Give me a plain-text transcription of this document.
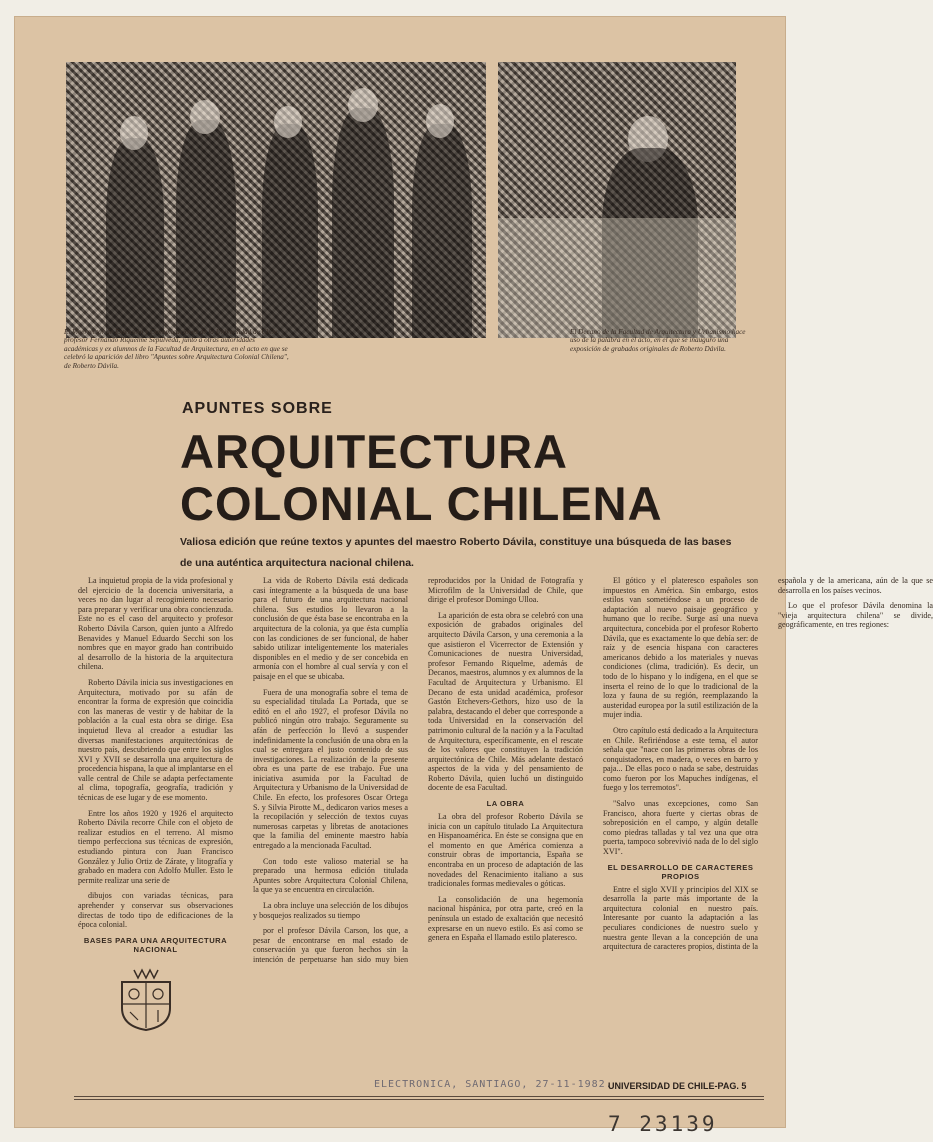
El Vicerrector de Extensión y Comunicaciones de la Universidad de Chile, profesor Fernando Riquelme Sepúlveda, junto a otras autoridades académicas y ex alumnos de la Facultad de Arquitectura, en el acto en que se celebró la aparición del libro "Apuntes sobre Arquitectura Colonial Chilena", de Roberto Dávila.

El Decano de la Facultad de Arquitectura y Urbanismo hace uso de la palabra en el acto, en el que se inauguró una exposición de grabados originales de Roberto Dávila.

APUNTES SOBRE
ARQUITECTURA
COLONIAL CHILENA

Valiosa edición que reúne textos y apuntes del maestro Roberto Dávila, constituye una búsqueda de las bases de una auténtica arquitectura nacional chilena.

La inquietud propia de la vida profesional y del ejercicio de la docencia universitaria, a veces no dan lugar al recogimiento necesario para preparar y verificar una obra concienzuda. Este no es el caso del arquitecto y profesor Roberto Dávila Carson, quien junto a Alfredo Benavides y Manuel Eduardo Secchi son los nombres que en mayor grado han contribuido al desarrollo de la historia de la arquitectura chilena.

Roberto Dávila inicia sus investigaciones en Arquitectura, motivado por su afán de encontrar la forma de expresión que coincidía con las maneras de vestir y de habitar de la población a la cual esta obra se dirige. Esa inquietud lleva al creador a estudiar las diversas manifestaciones arquitectónicas de nuestro país, descubriendo que entre los siglos XVI y XVII se desarrolla una arquitectura de procedencia hispana, la que al implantarse en el valle central de Chile se adapta perfectamente al clima, topografía, geografía, tradición y técnicas de ese lugar y de ese momento.

Entre los años 1920 y 1926 el arquitecto Roberto Dávila recorre Chile con el objeto de realizar estudios en el terreno. Al mismo tiempo perfecciona sus técnicas de expresión, estudiando pintura con Juan Francisco González y Julio Ortiz de Zárate, y litografía y grabado en madera con Adolfo Muller. Esto le permite realizar una serie de

dibujos con variadas técnicas, para aprehender y conservar sus observaciones directas de todo tipo de edificaciones de la época colonial.

BASES PARA UNA ARQUITECTURA NACIONAL

La vida de Roberto Dávila está dedicada casi íntegramente a la búsqueda de una base para el futuro de una arquitectura nacional chilena. Sus estudios lo llevaron a la conclusión de que ésta base se encontraba en la arquitectura de la colonia, ya que ésta cumplía con las condiciones de ser funcional, de haber sabido utilizar inteligentemente los materiales disponibles en el medio y de ser concebida en armonía con el hombre al cual servía y con el paisaje en el que se ubicaba.

Fuera de una monografía sobre el tema de su especialidad titulada La Portada, que se editó en el año 1927, el profesor Dávila no publicó ningún otro trabajo. Seguramente su afán de perfección lo llevó a suspender indefinidamente la conclusión de una obra en la cual se entregara el justo contenido de sus investigaciones. La realización de la presente obra es una parte de ese trabajo. Fue una iniciativa asumida por la Facultad de Arquitectura y Urbanismo de la Universidad de Chile. En efecto, los profesores Oscar Ortega S. y Silvia Pirotte M., dedicaron varios meses a la recopilación y selección de textos cuyas numerosas carpetas y libretas de anotaciones que la familia del eminente maestro había entregado a la mencionada Facultad.

Con todo este valioso material se ha preparado una hermosa edición titulada Apuntes sobre Arquitectura Colonial Chilena, la que ya se encuentra en circulación.

La obra incluye una selección de los dibujos y bosquejos realizados su tiempo

por el profesor Dávila Carson, los que, a pesar de encontrarse en mal estado de conservación ya que fueron hechos sin la intención de perpetuarse han sido muy bien reproducidos por la Unidad de Fotografía y Microfilm de la Universidad de Chile, que dirige el profesor Domingo Ulloa.

La aparición de esta obra se celebró con una exposición de grabados originales del arquitecto Dávila Carson, y una ceremonia a la que asistieron el Vicerrector de Extensión y Comunicaciones de nuestra Universidad, profesor Fernando Riquelme, además de Decanos, maestros, alumnos y ex alumnos de la Facultad de Arquitectura y Urbanismo. El Decano de esta unidad académica, profesor Gastón Etchevers-Gethors, hizo uso de la palabra, destacando el deber que corresponde a toda Universidad en la conservación del patrimonio cultural de la nación y a la Facultad de Arquitectura, específicamente, en el rescate de los valores que constituyen la tradición arquitectónica de Chile. Más adelante destacó aspectos de la vida y del pensamiento de Roberto Dávila, quien luchó un distinguido docente de esa Facultad.

LA OBRA

La obra del profesor Roberto Dávila se inicia con un capítulo titulado La Arquitectura en Hispanoamérica. En éste se consigna que en el momento en que América comienza a construir obras de importancia, España se encontraba en un proceso de adaptación de las novedades del Renacimiento italiano a sus tradicionales formas medievales o góticas.

La consolidación de una hegemonía nacional hispánica, por otra parte, creó en la península un estado de exaltación que necesitó expresarse en un nuevo estilo. Es así como se genera en España el llamado estilo plateresco.

El gótico y el plateresco españoles son impuestos en América. Sin embargo, estos estilos van sometiéndose a un proceso de adaptación al nuevo paisaje geográfico y humano que lo recibe. Surge así una nueva arquitectura, concebida por el profesor Roberto Dávila, que es exactamente lo que debía ser: de raíz y de esencia hispana con caracteres americanos debido a los materiales y nuevas condiciones (clima, tradición). Es decir, un todo de lo hispano y lo indígena, en el que se inserta el reino de lo que lo tradicional de la loza y fauna de su región, reemplazando la austeridad europea por la sutil estilización de la mujer india.

Otro capítulo está dedicado a la Arquitectura en Chile. Refiriéndose a este tema, el autor señala que "nace con las primeras obras de los conquistadores, en madera, o veces en barro y paja... De ellas poco o nada se sabe, destruidas como fueron por los Mapuches indígenas, el fuego y los terremotos".

"Salvo unas excepciones, como San Francisco, ahora fuerte y ciertas obras de sobreposición en el campo, y algún detalle como piedras talladas y tal vez una que otra puerta, tampoco sobrevivió nada de lo del siglo XVI".

EL DESARROLLO DE CARACTERES PROPIOS

Entre el siglo XVII y principios del XIX se desarrolla la parte más importante de la arquitectura colonial en nuestro país. Interesante por cuanto la adaptación a las peculiares condiciones de nuestro suelo y nuestra gente llevan a la concepción de una arquitectura de caracteres propios, distinta de la española y de la americana, aún de la que se desarrolla en los países vecinos.

Lo que el profesor Dávila denomina la "vieja arquitectura chilena" se divide, geográficamente, en tres regiones:

ELECTRONICA, SANTIAGO, 27-11-1982.

UNIVERSIDAD DE CHILE-PAG. 5

7 23139
